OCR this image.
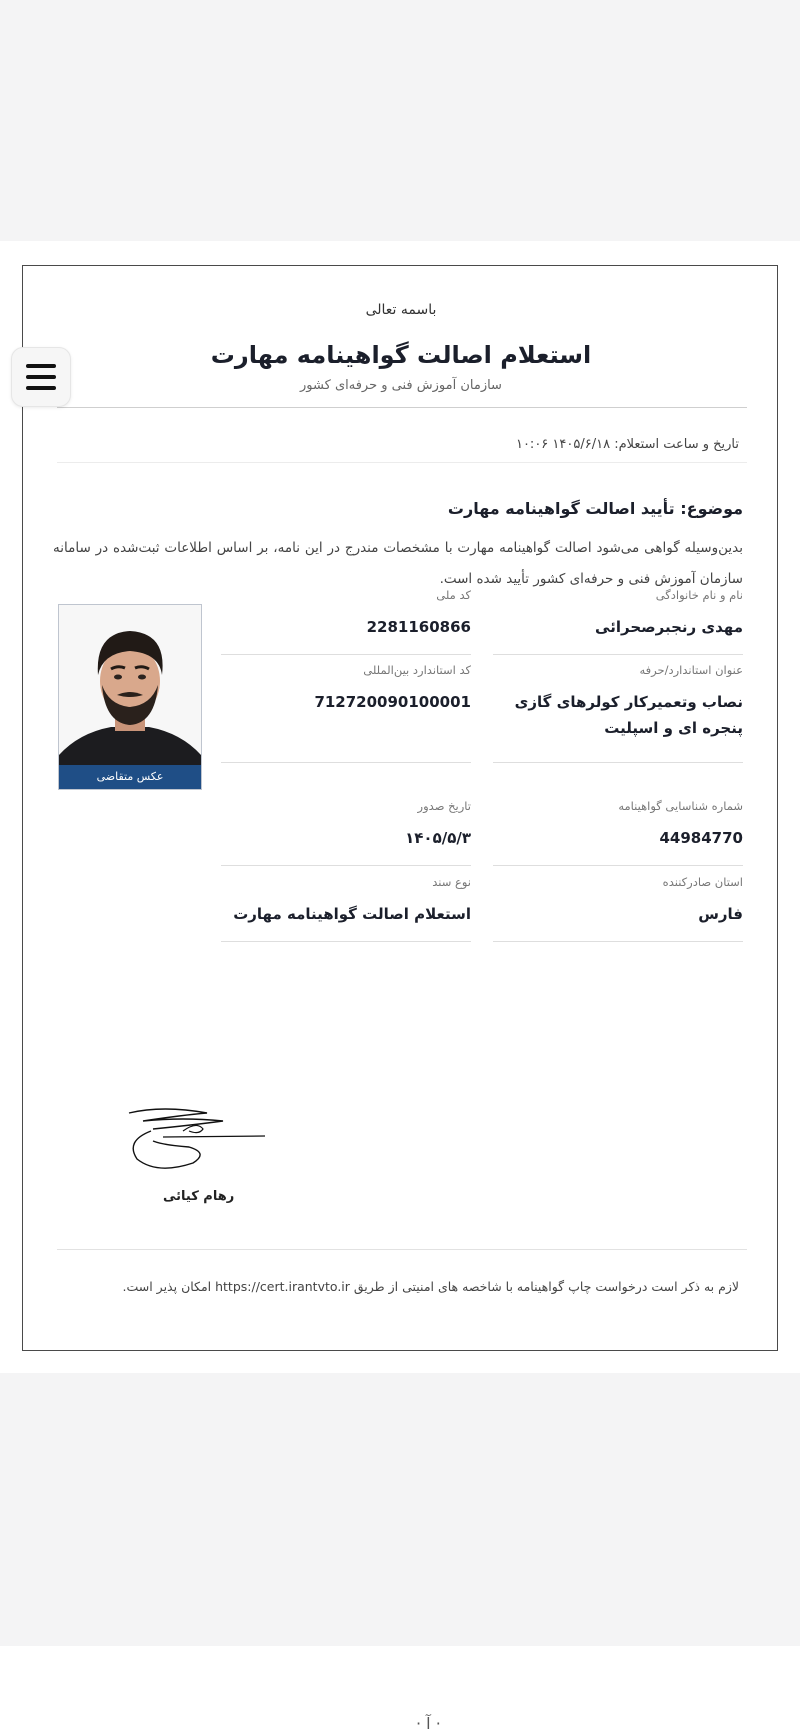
باسمه تعالی
استعلام اصالت گواهینامه مهارت
سازمان آموزش فنی و حرفه‌ای کشور
تاریخ و ساعت استعلام: ۱۴۰۵/۶/۱۸ ۱۰:۰۶
موضوع: تأیید اصالت گواهینامه مهارت
بدین‌وسیله گواهی می‌شود اصالت گواهینامه مهارت با مشخصات مندرج در این نامه، بر اساس اطلاعات ثبت‌شده در سامانه سازمان آموزش فنی و حرفه‌ای کشور تأیید شده است.
عکس متقاضی
نام و نام خانوادگی
مهدی رنجبرصحرائی
کد ملی
2281160866
عنوان استاندارد/حرفه
نصاب وتعمیرکار کولرهای گازی پنجره ای و اسپلیت
کد استاندارد بین‌المللی
712720090100001
شماره شناسایی گواهینامه
44984770
تاریخ صدور
۱۴۰۵/۵/۳
استان صادرکننده
فارس
نوع سند
استعلام اصالت گواهینامه مهارت
رهام کیائی
لازم به ذکر است درخواست چاپ گواهینامه با شاخصه های امنیتی از طریق https://cert.irantvto.ir امکان پذیر است.
· آ ·
